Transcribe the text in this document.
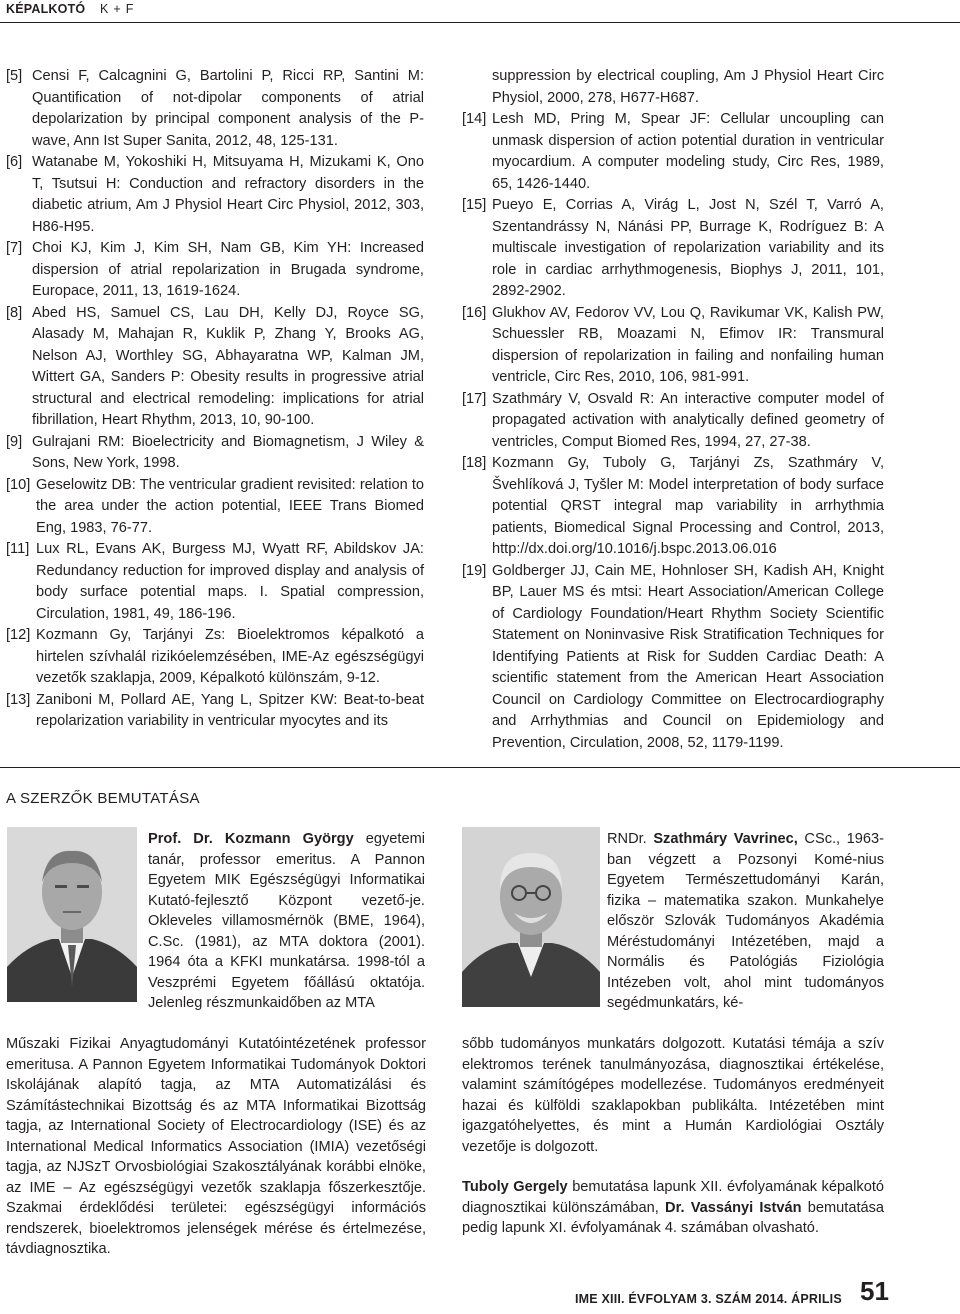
KÉPALKOTÓ K + F

[5] Censi F, Calcagnini G, Bartolini P, Ricci RP, Santini M: Quantification of not-dipolar components of atrial depolarization by principal component analysis of the P-wave, Ann Ist Super Sanita, 2012, 48, 125-131.

[6] Watanabe M, Yokoshiki H, Mitsuyama H, Mizukami K, Ono T, Tsutsui H: Conduction and refractory disorders in the diabetic atrium, Am J Physiol Heart Circ Physiol, 2012, 303, H86-H95.

[7] Choi KJ, Kim J, Kim SH, Nam GB, Kim YH: Increased dispersion of atrial repolarization in Brugada syndrome, Europace, 2011, 13, 1619-1624.

[8] Abed HS, Samuel CS, Lau DH, Kelly DJ, Royce SG, Alasady M, Mahajan R, Kuklik P, Zhang Y, Brooks AG, Nelson AJ, Worthley SG, Abhayaratna WP, Kalman JM, Wittert GA, Sanders P: Obesity results in progressive atrial structural and electrical remodeling: implications for atrial fibrillation, Heart Rhythm, 2013, 10, 90-100.

[9] Gulrajani RM: Bioelectricity and Biomagnetism, J Wiley & Sons, New York, 1998.

[10] Geselowitz DB: The ventricular gradient revisited: relation to the area under the action potential, IEEE Trans Biomed Eng, 1983, 76-77.

[11] Lux RL, Evans AK, Burgess MJ, Wyatt RF, Abildskov JA: Redundancy reduction for improved display and analysis of body surface potential maps. I. Spatial compression, Circulation, 1981, 49, 186-196.

[12] Kozmann Gy, Tarjányi Zs: Bioelektromos képalkotó a hirtelen szívhalál rizikóelemzésében, IME-Az egészségügyi vezetők szaklapja, 2009, Képalkotó különszám, 9-12.

[13] Zaniboni M, Pollard AE, Yang L, Spitzer KW: Beat-to-beat repolarization variability in ventricular myocytes and its

suppression by electrical coupling, Am J Physiol Heart Circ Physiol, 2000, 278, H677-H687.

[14] Lesh MD, Pring M, Spear JF: Cellular uncoupling can unmask dispersion of action potential duration in ventricular myocardium. A computer modeling study, Circ Res, 1989, 65, 1426-1440.

[15] Pueyo E, Corrias A, Virág L, Jost N, Szél T, Varró A, Szentandrássy N, Nánási PP, Burrage K, Rodríguez B: A multiscale investigation of repolarization variability and its role in cardiac arrhythmogenesis, Biophys J, 2011, 101, 2892-2902.

[16] Glukhov AV, Fedorov VV, Lou Q, Ravikumar VK, Kalish PW, Schuessler RB, Moazami N, Efimov IR: Transmural dispersion of repolarization in failing and nonfailing human ventricle, Circ Res, 2010, 106, 981-991.

[17] Szathmáry V, Osvald R: An interactive computer model of propagated activation with analytically defined geometry of ventricles, Comput Biomed Res, 1994, 27, 27-38.

[18] Kozmann Gy, Tuboly G, Tarjányi Zs, Szathmáry V, Švehlíková J, Tyšler M: Model interpretation of body surface potential QRST integral map variability in arrhythmia patients, Biomedical Signal Processing and Control, 2013, http://dx.doi.org/10.1016/j.bspc.2013.06.016

[19] Goldberger JJ, Cain ME, Hohnloser SH, Kadish AH, Knight BP, Lauer MS és mtsi: Heart Association/American College of Cardiology Foundation/Heart Rhythm Society Scientific Statement on Noninvasive Risk Stratification Techniques for Identifying Patients at Risk for Sudden Cardiac Death: A scientific statement from the American Heart Association Council on Cardiology Committee on Electrocardiography and Arrhythmias and Council on Epidemiology and Prevention, Circulation, 2008, 52, 1179-1199.

A SZERZŐK BEMUTATÁSA
Prof. Dr. Kozmann György egyetemi tanár, professor emeritus. A Pannon Egyetem MIK Egészségügyi Informatikai Kutató-fejlesztő Központ vezető-je. Okleveles villamosmérnök (BME, 1964), C.Sc. (1981), az MTA doktora (2001). 1964 óta a KFKI munkatársa. 1998-tól a Veszprémi Egyetem főállású oktatója. Jelenleg részmunkaidőben az MTA
Műszaki Fizikai Anyagtudományi Kutatóintézetének professor emeritusa. A Pannon Egyetem Informatikai Tudományok Doktori Iskolájának alapító tagja, az MTA Automatizálási és Számítástechnikai Bizottság és az MTA Informatikai Bizottság tagja, az International Society of Electrocardiology (ISE) és az International Medical Informatics Association (IMIA) vezetőségi tagja, az NJSzT Orvosbiológiai Szakosztályának korábbi elnöke, az IME – Az egészségügyi vezetők szaklapja főszerkesztője. Szakmai érdeklődési területei: egészségügyi információs rendszerek, bioelektromos jelenségek mérése és értelmezése, távdiagnosztika.
RNDr. Szathmáry Vavrinec, CSc., 1963-ban végzett a Pozsonyi Komé-nius Egyetem Természettudományi Karán, fizika – matematika szakon. Munkahelye először Szlovák Tudományos Akadémia Méréstudományi Intézetében, majd a Normális és Patológiás Fiziológia Intézeben volt, ahol mint tudományos segédmunkatárs, ké-
sőbb tudományos munkatárs dolgozott. Kutatási témája a szív elektromos terének tanulmányozása, diagnosztikai értékelése, valamint számítógépes modellezése. Tudományos eredményeit hazai és külföldi szaklapokban publikálta. Intézetében mint igazgatóhelyettes, és mint a Humán Kardiológiai Osztály vezetője is dolgozott.
Tuboly Gergely bemutatása lapunk XII. évfolyamának képalkotó diagnosztikai különszámában, Dr. Vassányi István bemutatása pedig lapunk XI. évfolyamának 4. számában olvasható.
IME XIII. ÉVFOLYAM 3. SZÁM 2014. ÁPRILIS 51
